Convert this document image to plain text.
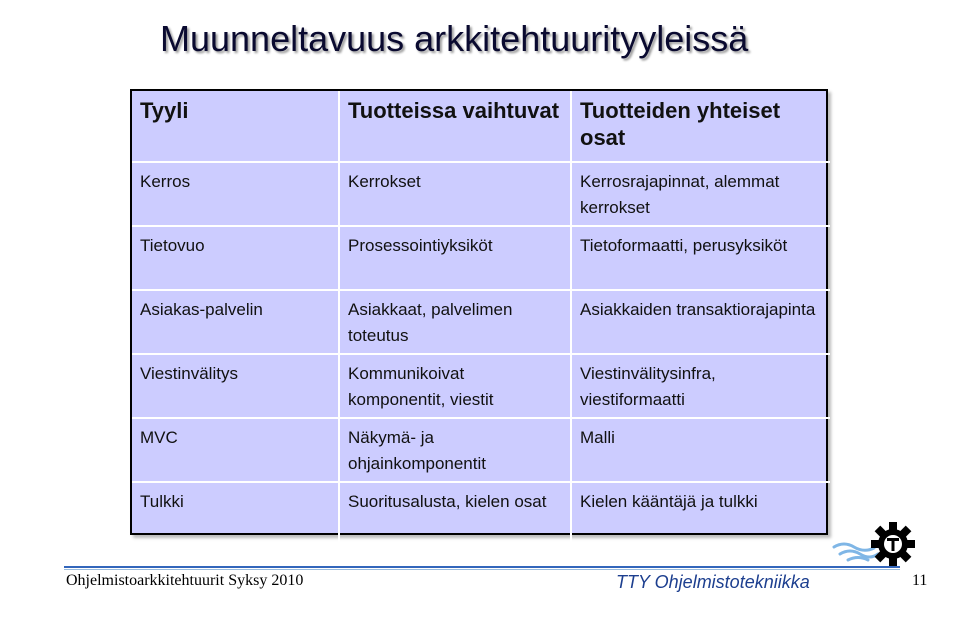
Muunneltavuus arkkitehtuurityyleissä
Tyyli	Tuotteissa vaihtuvat	Tuotteiden yhteiset osat
Kerros	Kerrokset	Kerrosrajapinnat, alemmat kerrokset
Tietovuo	Prosessointiyksiköt	Tietoformaatti, perusyksiköt
Asiakas-palvelin	Asiakkaat, palvelimen toteutus	Asiakkaiden transaktiorajapinta
Viestinvälitys	Kommunikoivat komponentit, viestit	Viestinvälitysinfra, viestiformaatti
MVC	Näkymä- ja ohjainkomponentit	Malli
Tulkki	Suoritusalusta, kielen osat	Kielen kääntäjä ja tulkki
Ohjelmistoarkkitehtuurit Syksy 2010	TTY Ohjelmistotekniikka	11
